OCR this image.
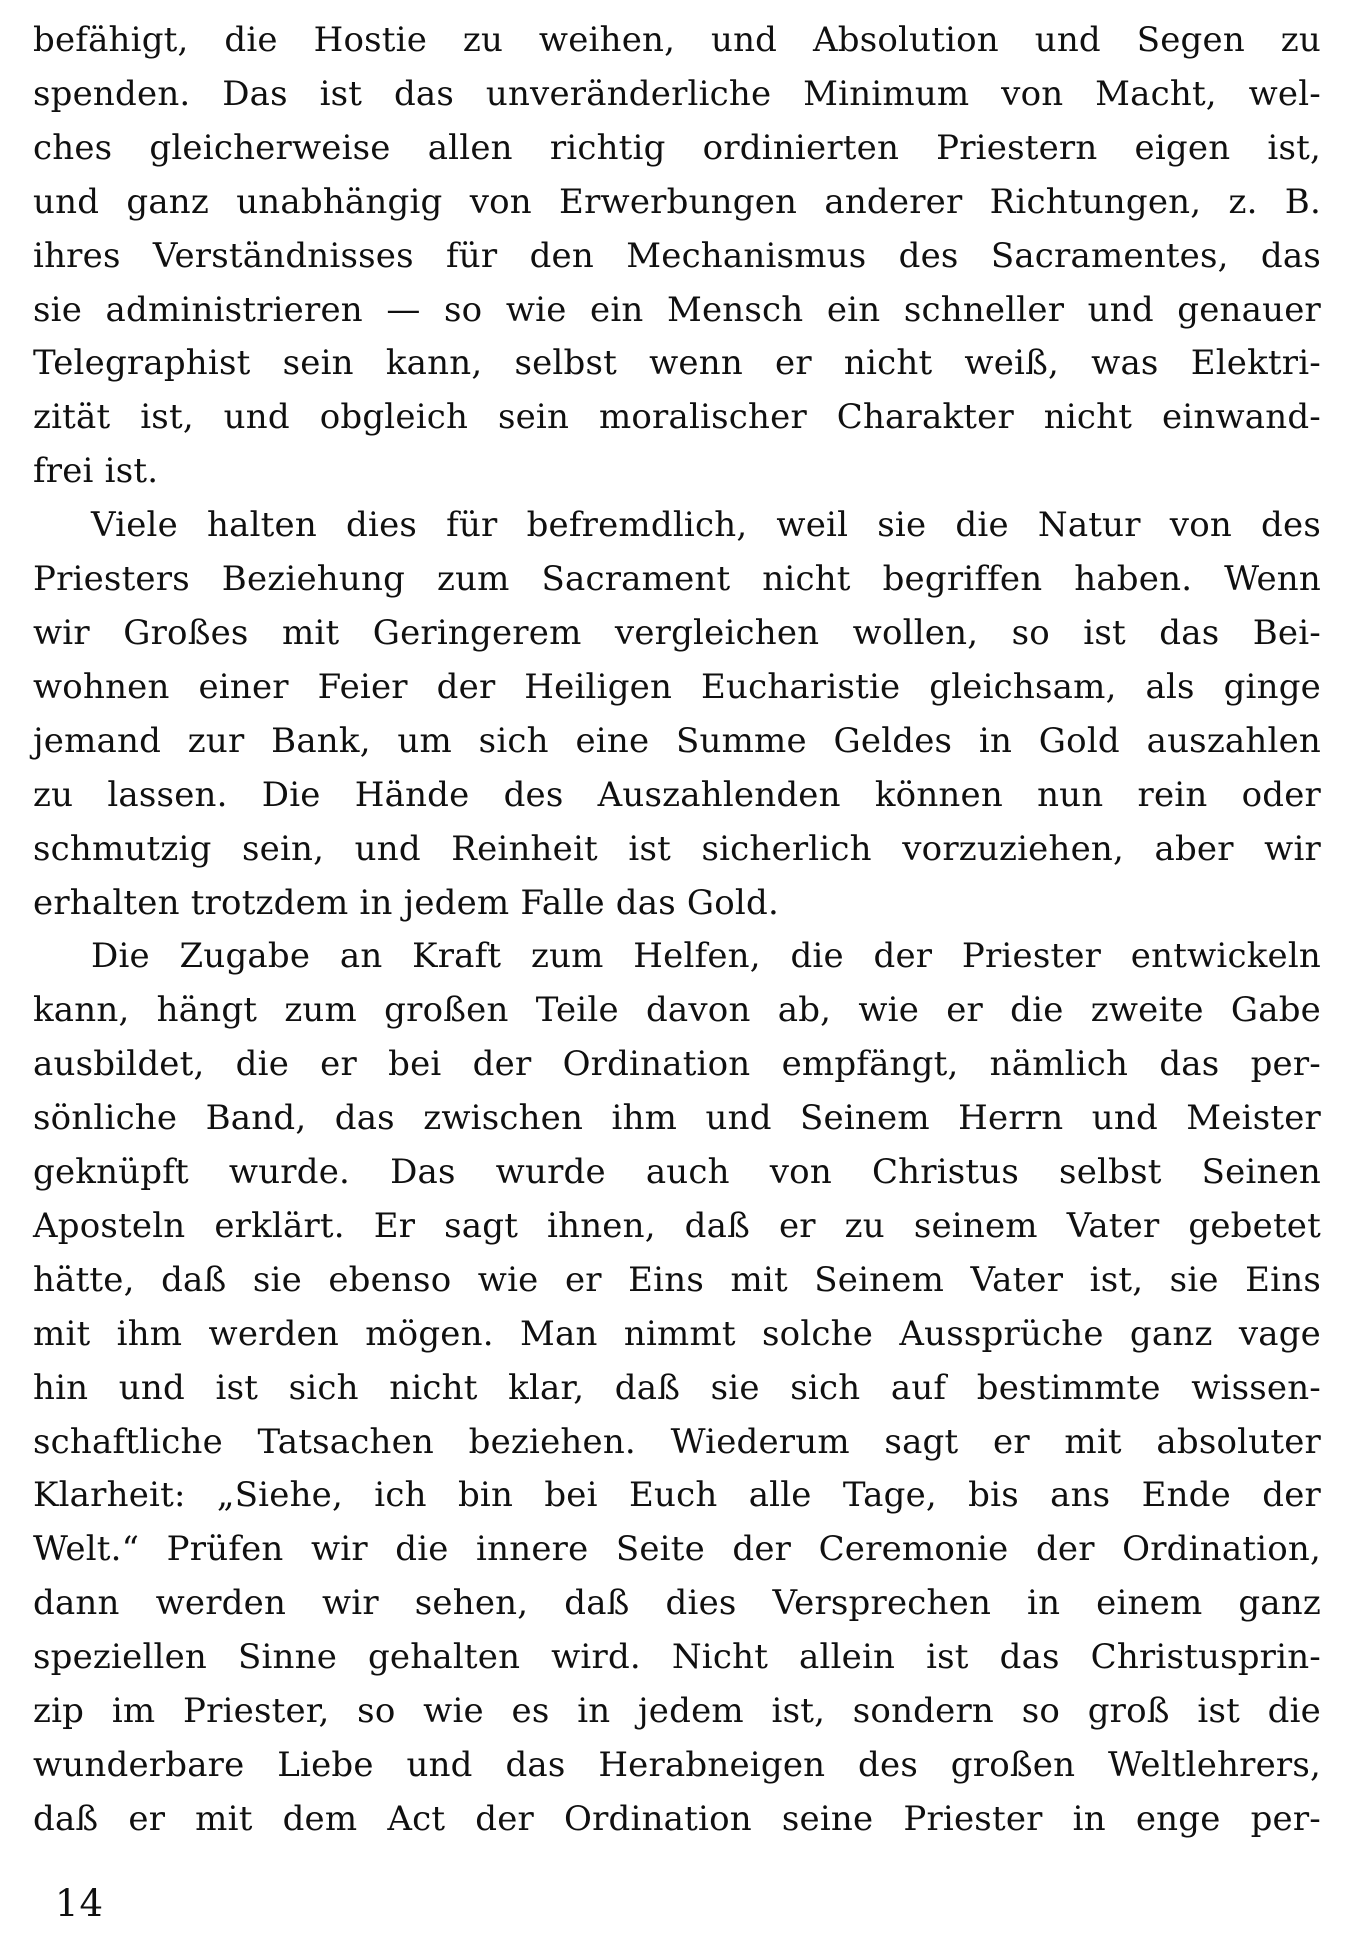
befähigt, die Hostie zu weihen, und Absolution und Segen zu
spenden. Das ist das unveränderliche Minimum von Macht, wel-
ches gleicherweise allen richtig ordinierten Priestern eigen ist,
und ganz unabhängig von Erwerbungen anderer Richtungen, z. B.
ihres Verständnisses für den Mechanismus des Sacramentes, das
sie administrieren — so wie ein Mensch ein schneller und genauer
Telegraphist sein kann, selbst wenn er nicht weiß, was Elektri-
zität ist, und obgleich sein moralischer Charakter nicht einwand-
frei ist.
Viele halten dies für befremdlich, weil sie die Natur von des
Priesters Beziehung zum Sacrament nicht begriffen haben. Wenn
wir Großes mit Geringerem vergleichen wollen, so ist das Bei-
wohnen einer Feier der Heiligen Eucharistie gleichsam, als ginge
jemand zur Bank, um sich eine Summe Geldes in Gold auszahlen
zu lassen. Die Hände des Auszahlenden können nun rein oder
schmutzig sein, und Reinheit ist sicherlich vorzuziehen, aber wir
erhalten trotzdem in jedem Falle das Gold.
Die Zugabe an Kraft zum Helfen, die der Priester entwickeln
kann, hängt zum großen Teile davon ab, wie er die zweite Gabe
ausbildet, die er bei der Ordination empfängt, nämlich das per-
sönliche Band, das zwischen ihm und Seinem Herrn und Meister
geknüpft wurde. Das wurde auch von Christus selbst Seinen
Aposteln erklärt. Er sagt ihnen, daß er zu seinem Vater gebetet
hätte, daß sie ebenso wie er Eins mit Seinem Vater ist, sie Eins
mit ihm werden mögen. Man nimmt solche Aussprüche ganz vage
hin und ist sich nicht klar, daß sie sich auf bestimmte wissen-
schaftliche Tatsachen beziehen. Wiederum sagt er mit absoluter
Klarheit: „Siehe, ich bin bei Euch alle Tage, bis ans Ende der
Welt.“ Prüfen wir die innere Seite der Ceremonie der Ordination,
dann werden wir sehen, daß dies Versprechen in einem ganz
speziellen Sinne gehalten wird. Nicht allein ist das Christusprin-
zip im Priester, so wie es in jedem ist, sondern so groß ist die
wunderbare Liebe und das Herabneigen des großen Weltlehrers,
daß er mit dem Act der Ordination seine Priester in enge per-
14
